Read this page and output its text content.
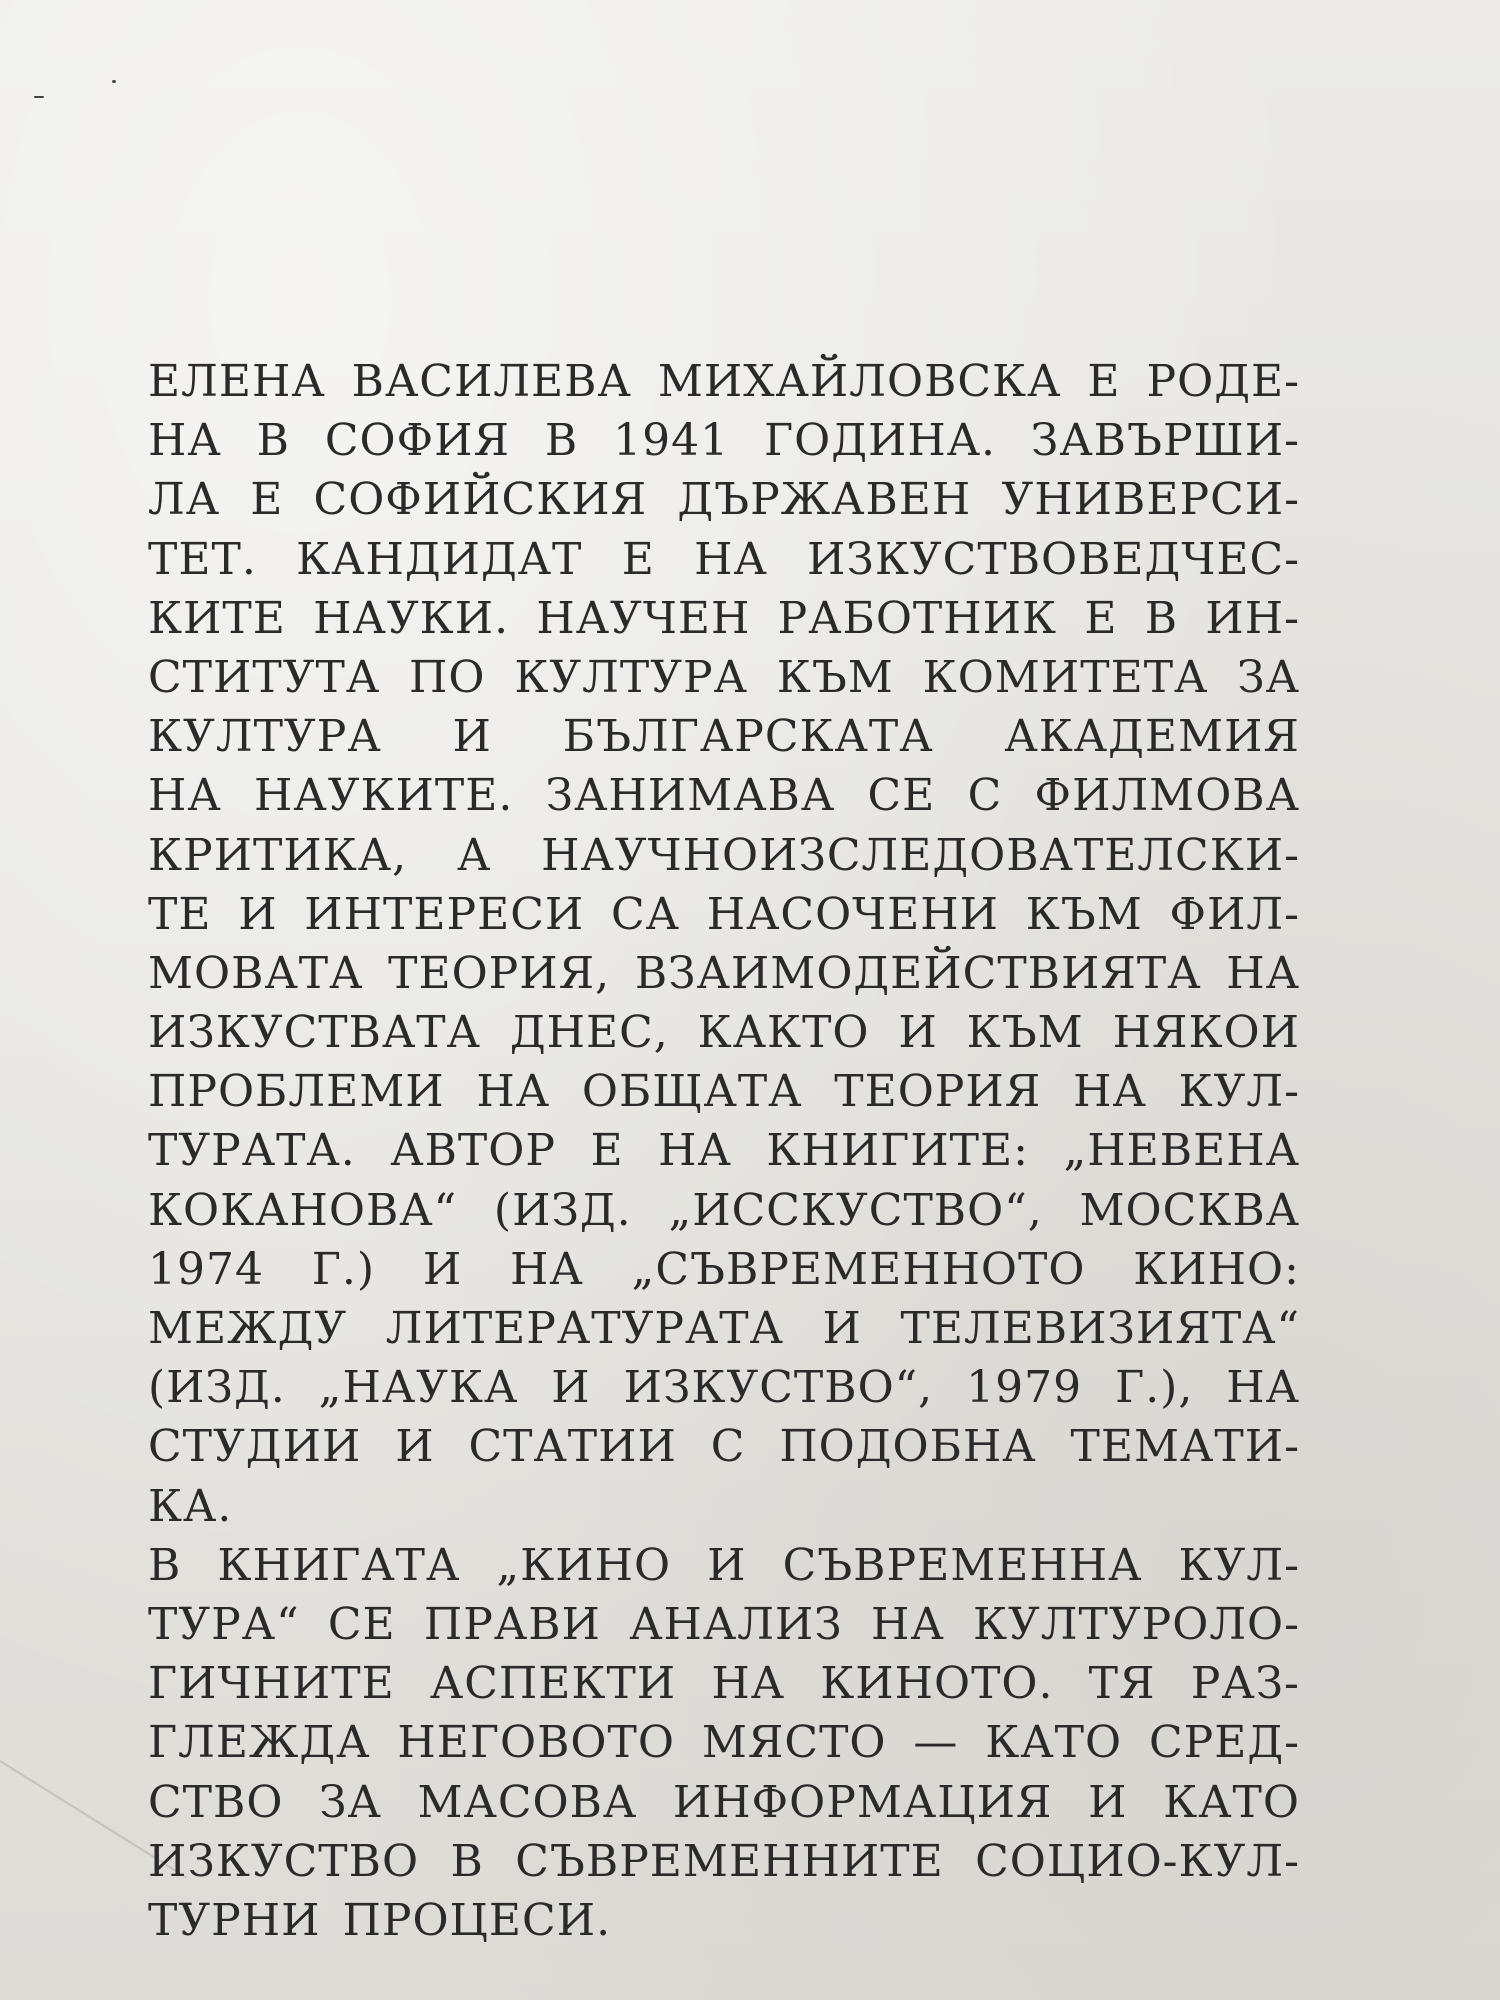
ЕЛЕНА ВАСИЛЕВА МИХАЙЛОВСКА Е РОДЕ-
НА В СОФИЯ В 1941 ГОДИНА. ЗАВЪРШИ-
ЛА Е СОФИЙСКИЯ ДЪРЖАВЕН УНИВЕРСИ-
ТЕТ. КАНДИДАТ Е НА ИЗКУСТВОВЕДЧЕС-
КИТЕ НАУКИ. НАУЧЕН РАБОТНИК Е В ИН-
СТИТУТА ПО КУЛТУРА КЪМ КОМИТЕТА ЗА
КУЛТУРА И БЪЛГАРСКАТА АКАДЕМИЯ
НА НАУКИТЕ. ЗАНИМАВА СЕ С ФИЛМОВА
КРИТИКА, А НАУЧНОИЗСЛЕДОВАТЕЛСКИ-
ТЕ И ИНТЕРЕСИ СА НАСОЧЕНИ КЪМ ФИЛ-
МОВАТА ТЕОРИЯ, ВЗАИМОДЕЙСТВИЯТА НА
ИЗКУСТВАТА ДНЕС, КАКТО И КЪМ НЯКОИ
ПРОБЛЕМИ НА ОБЩАТА ТЕОРИЯ НА КУЛ-
ТУРАТА. АВТОР Е НА КНИГИТЕ: „НЕВЕНА
КОКАНОВА“ (ИЗД. „ИССКУСТВО“, МОСКВА
1974 Г.) И НА „СЪВРЕМЕННОТО КИНО:
МЕЖДУ ЛИТЕРАТУРАТА И ТЕЛЕВИЗИЯТА“
(ИЗД. „НАУКА И ИЗКУСТВО“, 1979 Г.), НА
СТУДИИ И СТАТИИ С ПОДОБНА ТЕМАТИ-
КА.
В КНИГАТА „КИНО И СЪВРЕМЕННА КУЛ-
ТУРА“ СЕ ПРАВИ АНАЛИЗ НА КУЛТУРОЛО-
ГИЧНИТЕ АСПЕКТИ НА КИНОТО. ТЯ РАЗ-
ГЛЕЖДА НЕГОВОТО МЯСТО — КАТО СРЕД-
СТВО ЗА МАСОВА ИНФОРМАЦИЯ И КАТО
ИЗКУСТВО В СЪВРЕМЕННИТЕ СОЦИО-КУЛ-
ТУРНИ ПРОЦЕСИ.
